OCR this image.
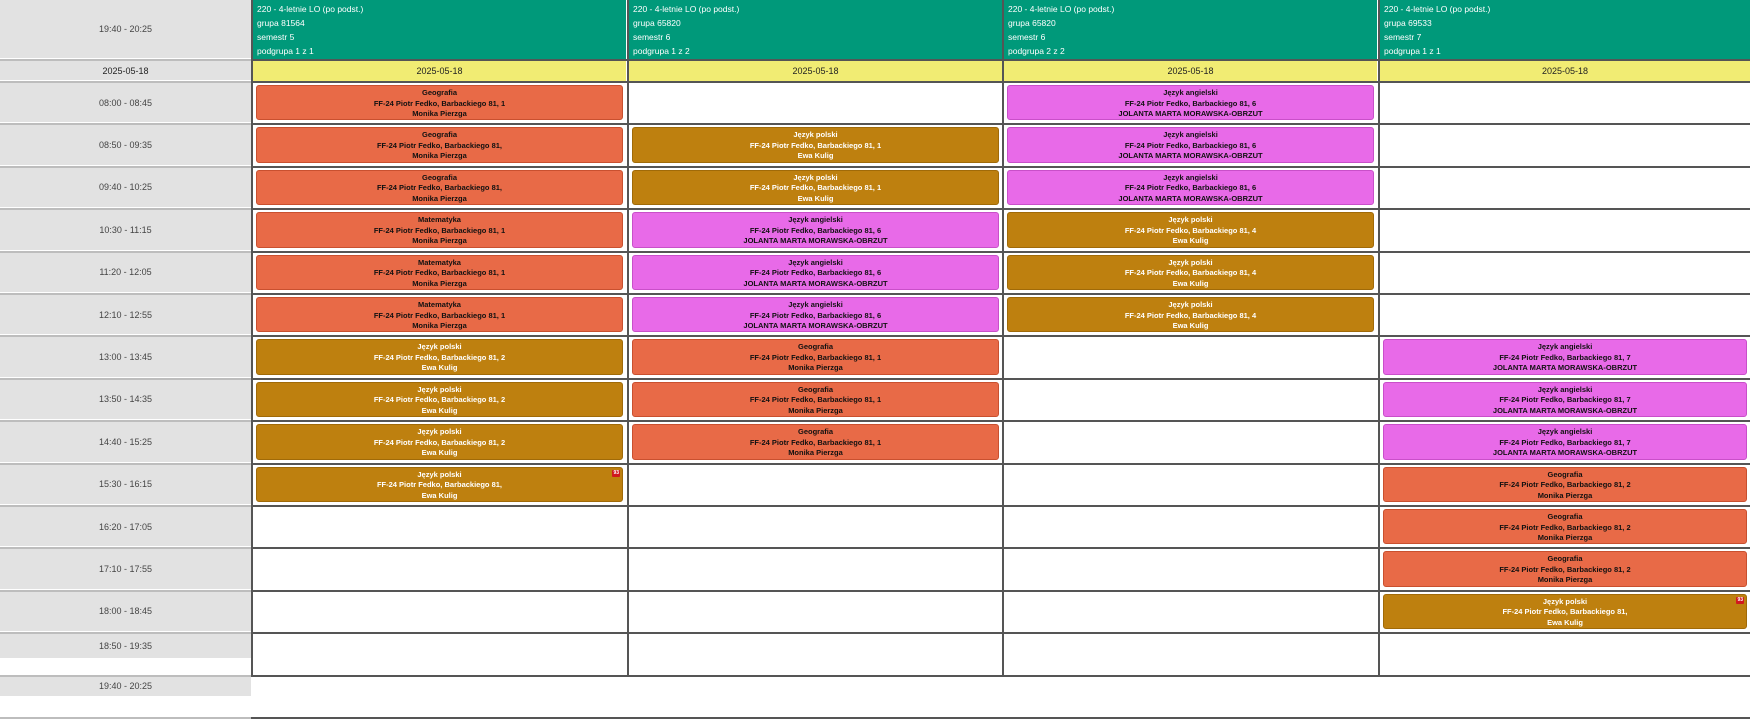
19:40 - 20:25
2025-05-18
08:00 - 08:45
08:50 - 09:35
09:40 - 10:25
10:30 - 11:15
11:20 - 12:05
12:10 - 12:55
13:00 - 13:45
13:50 - 14:35
14:40 - 15:25
15:30 - 16:15
16:20 - 17:05
17:10 - 17:55
18:00 - 18:45
18:50 - 19:35
19:40 - 20:25
220 - 4-letnie LO (po podst.)
grupa 81564
semestr 5
podgrupa 1 z 1
2025-05-18
220 - 4-letnie LO (po podst.)
grupa 65820
semestr 6
podgrupa 1 z 2
2025-05-18
220 - 4-letnie LO (po podst.)
grupa 65820
semestr 6
podgrupa 2 z 2
2025-05-18
220 - 4-letnie LO (po podst.)
grupa 69533
semestr 7
podgrupa 1 z 1
2025-05-18
Geografia
FF-24 Piotr Fedko, Barbackiego 81, 1
Monika Pierzga
Geografia
FF-24 Piotr Fedko, Barbackiego 81,
Monika Pierzga
Geografia
FF-24 Piotr Fedko, Barbackiego 81,
Monika Pierzga
Matematyka
FF-24 Piotr Fedko, Barbackiego 81, 1
Monika Pierzga
Matematyka
FF-24 Piotr Fedko, Barbackiego 81, 1
Monika Pierzga
Matematyka
FF-24 Piotr Fedko, Barbackiego 81, 1
Monika Pierzga
Język polski
FF-24 Piotr Fedko, Barbackiego 81, 2
Ewa Kulig
Język polski
FF-24 Piotr Fedko, Barbackiego 81, 2
Ewa Kulig
Język polski
FF-24 Piotr Fedko, Barbackiego 81, 2
Ewa Kulig
Język polski
FF-24 Piotr Fedko, Barbackiego 81,
Ewa Kulig
93
Język polski
FF-24 Piotr Fedko, Barbackiego 81, 1
Ewa Kulig
Język polski
FF-24 Piotr Fedko, Barbackiego 81, 1
Ewa Kulig
Język angielski
FF-24 Piotr Fedko, Barbackiego 81, 6
JOLANTA MARTA MORAWSKA-OBRZUT
Język angielski
FF-24 Piotr Fedko, Barbackiego 81, 6
JOLANTA MARTA MORAWSKA-OBRZUT
Język angielski
FF-24 Piotr Fedko, Barbackiego 81, 6
JOLANTA MARTA MORAWSKA-OBRZUT
Geografia
FF-24 Piotr Fedko, Barbackiego 81, 1
Monika Pierzga
Geografia
FF-24 Piotr Fedko, Barbackiego 81, 1
Monika Pierzga
Geografia
FF-24 Piotr Fedko, Barbackiego 81, 1
Monika Pierzga
Język angielski
FF-24 Piotr Fedko, Barbackiego 81, 6
JOLANTA MARTA MORAWSKA-OBRZUT
Język angielski
FF-24 Piotr Fedko, Barbackiego 81, 6
JOLANTA MARTA MORAWSKA-OBRZUT
Język angielski
FF-24 Piotr Fedko, Barbackiego 81, 6
JOLANTA MARTA MORAWSKA-OBRZUT
Język polski
FF-24 Piotr Fedko, Barbackiego 81, 4
Ewa Kulig
Język polski
FF-24 Piotr Fedko, Barbackiego 81, 4
Ewa Kulig
Język polski
FF-24 Piotr Fedko, Barbackiego 81, 4
Ewa Kulig
Język angielski
FF-24 Piotr Fedko, Barbackiego 81, 7
JOLANTA MARTA MORAWSKA-OBRZUT
Język angielski
FF-24 Piotr Fedko, Barbackiego 81, 7
JOLANTA MARTA MORAWSKA-OBRZUT
Język angielski
FF-24 Piotr Fedko, Barbackiego 81, 7
JOLANTA MARTA MORAWSKA-OBRZUT
Geografia
FF-24 Piotr Fedko, Barbackiego 81, 2
Monika Pierzga
Geografia
FF-24 Piotr Fedko, Barbackiego 81, 2
Monika Pierzga
Geografia
FF-24 Piotr Fedko, Barbackiego 81, 2
Monika Pierzga
Język polski
FF-24 Piotr Fedko, Barbackiego 81,
Ewa Kulig
93
